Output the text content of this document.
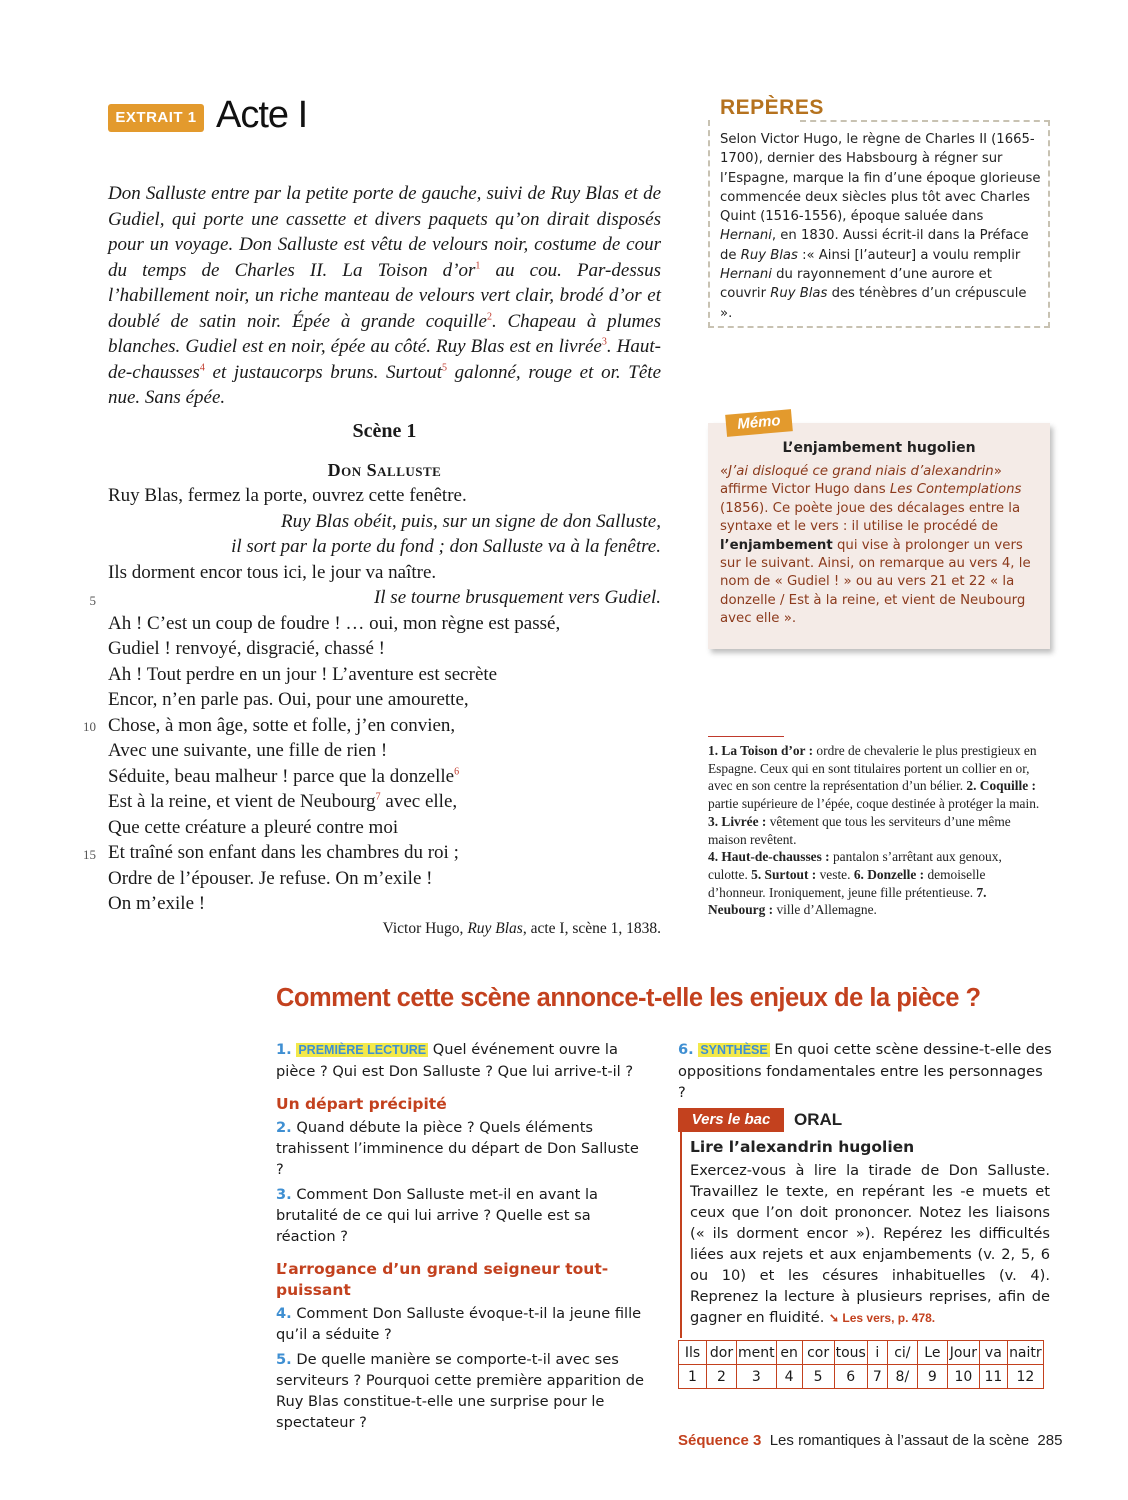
EXTRAIT 1 Acte I
Don Salluste entre par la petite porte de gauche, suivi de Ruy Blas et de Gudiel, qui porte une cassette et divers paquets qu’on dirait disposés pour un voyage. Don Salluste est vêtu de velours noir, costume de cour du temps de Charles II. La Toison $d’or^1$ au cou. Par-dessus l’habillement noir, un riche manteau de velours vert clair, brodé d’or et doublé de satin noir. Épée à grande coquille$^2$. Chapeau à plumes blanches. Gudiel est en noir, épée au côté. Ruy Blas est en livrée$^3$. Haut-de-chausses$^4$ et justaucorps bruns. Surtout$^5$ galonné, rouge et or. Tête nue. Sans épée.
Scène 1
Don Salluste
Ruy Blas, fermez la porte, ouvrez cette fenêtre.
Ruy Blas obéit, puis, sur un signe de don Salluste,
il sort par la porte du fond ; don Salluste va à la fenêtre.
Ils dorment encor tous ici, le jour va naître.
Il se tourne brusquement vers Gudiel.
5
Ah ! C’est un coup de foudre ! … oui, mon règne est passé,
Gudiel ! renvoyé, disgracié, chassé !
Ah ! Tout perdre en un jour ! L’aventure est secrète
Encor, n’en parle pas. Oui, pour une amourette,
10 Chose, à mon âge, sotte et folle, j’en convien,
Avec une suivante, une fille de rien !
Séduite, beau malheur ! parce que la donzelle$^6$
Est à la reine, et vient de Neubourg$^7$ avec elle,
Que cette créature a pleuré contre moi
15 Et traîné son enfant dans les chambres du roi ;
Ordre de l’épouser. Je refuse. On m’exile !
On m’exile !
Victor Hugo, Ruy Blas, acte I, scène 1, 1838.
REPÈRES
Selon Victor Hugo, le règne de Charles II (1665-1700), dernier des Habsbourg à régner sur l’Espagne, marque la fin d’une époque glorieuse commencée deux siècles plus tôt avec Charles Quint (1516-1556), époque saluée dans Hernani, en 1830. Aussi écrit-il dans la Préface de Ruy Blas :« Ainsi [l’auteur] a voulu remplir Hernani du rayonnement d’une aurore et couvrir Ruy Blas des ténèbres d’un crépuscule ».
Mémo
L’enjambement hugolien
«J’ai disloqué ce grand niais d’alexandrin» affirme Victor Hugo dans Les Contemplations (1856). Ce poète joue des décalages entre la syntaxe et le vers : il utilise le procédé de l’enjambement qui vise à prolonger un vers sur le suivant. Ainsi, on remarque au vers 4, le nom de « Gudiel ! » ou au vers 21 et 22 « la donzelle / Est à la reine, et vient de Neubourg avec elle ».
1. La Toison d’or : ordre de chevalerie le plus prestigieux en Espagne. Ceux qui en sont titulaires portent un collier en or, avec en son centre la représentation d’un bélier. 2. Coquille : partie supérieure de l’épée, coque destinée à protéger la main. 3. Livrée : vêtement que tous les serviteurs d’une même maison revêtent.
4. Haut-de-chausses : pantalon s’arrêtant aux genoux, culotte. 5. Surtout : veste. 6. Donzelle : demoiselle d’honneur. Ironiquement, jeune fille prétentieuse. 7. Neubourg : ville d’Allemagne.
Comment cette scène annonce-t-elle les enjeux de la pièce ?
1. PREMIÈRE LECTURE Quel événement ouvre la pièce ? Qui est Don Salluste ? Que lui arrive-t-il ?
Un départ précipité
2. Quand débute la pièce ? Quels éléments trahissent l’imminence du départ de Don Salluste ?
3. Comment Don Salluste met-il en avant la brutalité de ce qui lui arrive ? Quelle est sa réaction ?
L’arrogance d’un grand seigneur tout-puissant
4. Comment Don Salluste évoque-t-il la jeune fille qu’il a séduite ?
5. De quelle manière se comporte-t-il avec ses serviteurs ? Pourquoi cette première apparition de Ruy Blas constitue-t-elle une surprise pour le spectateur ?
6. SYNTHÈSE En quoi cette scène dessine-t-elle des oppositions fondamentales entre les personnages ?
Vers le bac	ORAL
Lire l’alexandrin hugolien
Exercez-vous à lire la tirade de Don Salluste. Travaillez le texte, en repérant les -e muets et ceux que l’on doit prononcer. Notez les liaisons (« ils dorment encor »). Repérez les difficultés liées aux rejets et aux enjambements (v. 2, 5, 6 ou 10) et les césures inhabituelles (v. 4). Reprenez la lecture à plusieurs reprises, afin de gagner en fluidité. ➘ Les vers, p. 478.
Ils	dor	ment	en	cor	tous	i	ci/	Le	Jour	va	naitr
1	2	3	4	5	6	7	8/	9	10	11	12
Séquence 3 Les romantiques à l’assaut de la scène 285
